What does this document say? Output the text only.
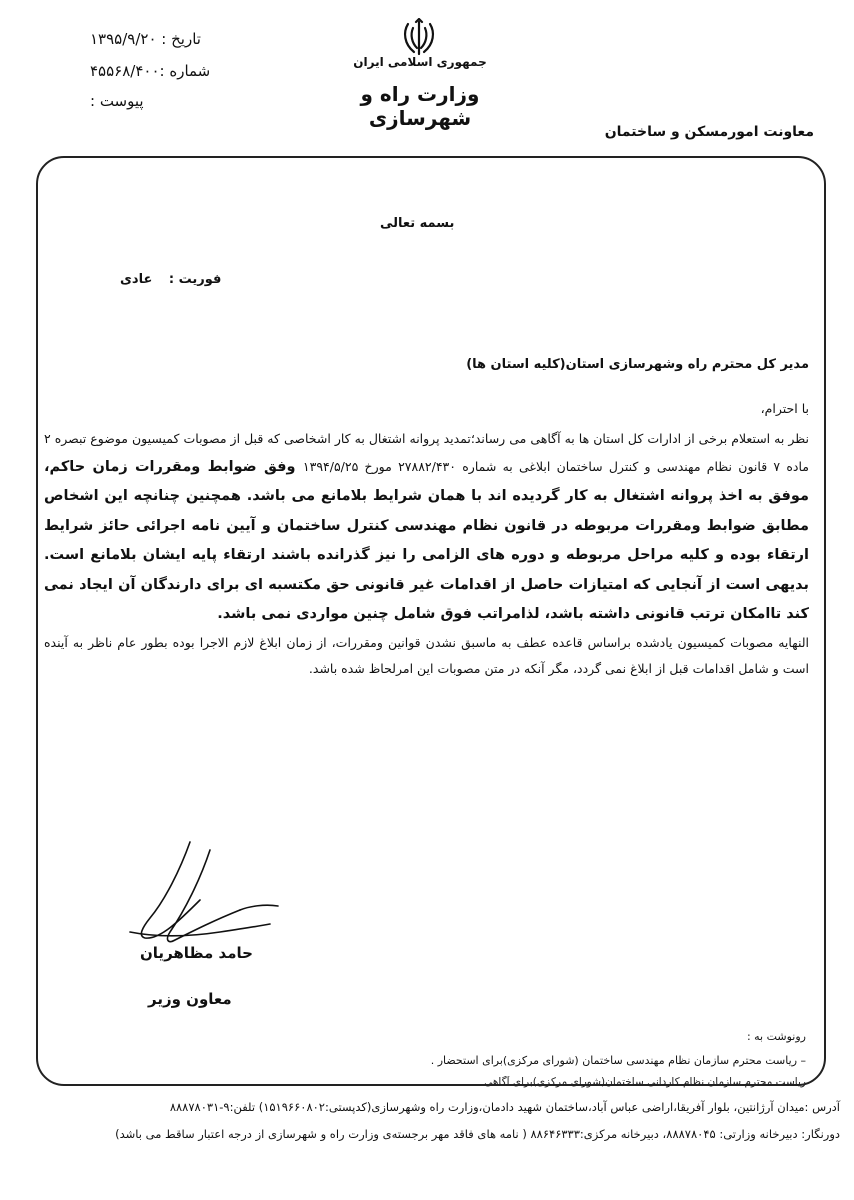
تاریخ : ۱۳۹۵/۹/۲۰
شماره :۴۵۵۶۸/۴۰۰
پیوست :
جمهوری اسلامی ایران
وزارت راه و شهرسازی
معاونت امورمسکن و ساختمان
بسمه تعالی
فوریت : عادی
مدیر کل محترم راه وشهرسازی استان(کلیه استان ها)
با احترام،

نظر به استعلام برخی از ادارات کل استان ها به آگاهی می رساند؛تمدید پروانه اشتغال به کار اشخاصی که قبل از مصوبات کمیسیون موضوع تبصره ۲ ماده ۷ قانون نظام مهندسی و کنترل ساختمان ابلاغی به شماره ۲۷۸۸۲/۴۳۰ مورخ ۱۳۹۴/۵/۲۵ وفق ضوابط ومقررات زمان حاکم، موفق به اخذ پروانه اشتغال به کار گردیده اند با همان شرایط بلامانع می باشد. همچنین چنانچه این اشخاص مطابق ضوابط ومقررات مربوطه در قانون نظام مهندسی کنترل ساختمان و آیین نامه اجرائی حائز شرایط ارتقاء بوده و کلیه مراحل مربوطه و دوره های الزامی را نیز گذرانده باشند ارتقاء پایه ایشان بلامانع است. بدیهی است از آنجایی که امتیازات حاصل از اقدامات غیر قانونی حق مکتسبه ای برای دارندگان آن ایجاد نمی کند تاامکان ترتب قانونی داشته باشد، لذامراتب فوق شامل چنین مواردی نمی باشد.

النهایه مصوبات کمیسیون یادشده براساس قاعده عطف به ماسبق نشدن قوانین ومقررات، از زمان ابلاغ لازم الاجرا بوده بطور عام ناظر به آینده است و شامل اقدامات قبل از ابلاغ نمی گردد، مگر آنکه در متن مصوبات این امرلحاظ شده باشد.

حامد مظاهریان
معاون وزیر
رونوشت به :
– ریاست محترم سازمان نظام مهندسی ساختمان (شورای مرکزی)برای استحضار .
ریاست محترم سازمان نظام کاردانی ساختمان(شورای مرکزی)برای آگاهی
آدرس :میدان آرژانتین، بلوار آفریقا،اراضی عباس آباد،ساختمان شهید دادمان،وزارت راه وشهرسازی(کدپستی:۱۵۱۹۶۶۰۸۰۲) تلفن:۹-۸۸۸۷۸۰۳۱
دورنگار: دبیرخانه وزارتی: ۸۸۸۷۸۰۴۵، دبیرخانه مرکزی:۸۸۶۴۶۳۳۳ ( نامه های فاقد مهر برجسته‌ی وزارت راه و شهرسازی از درجه اعتبار ساقط می باشد)
